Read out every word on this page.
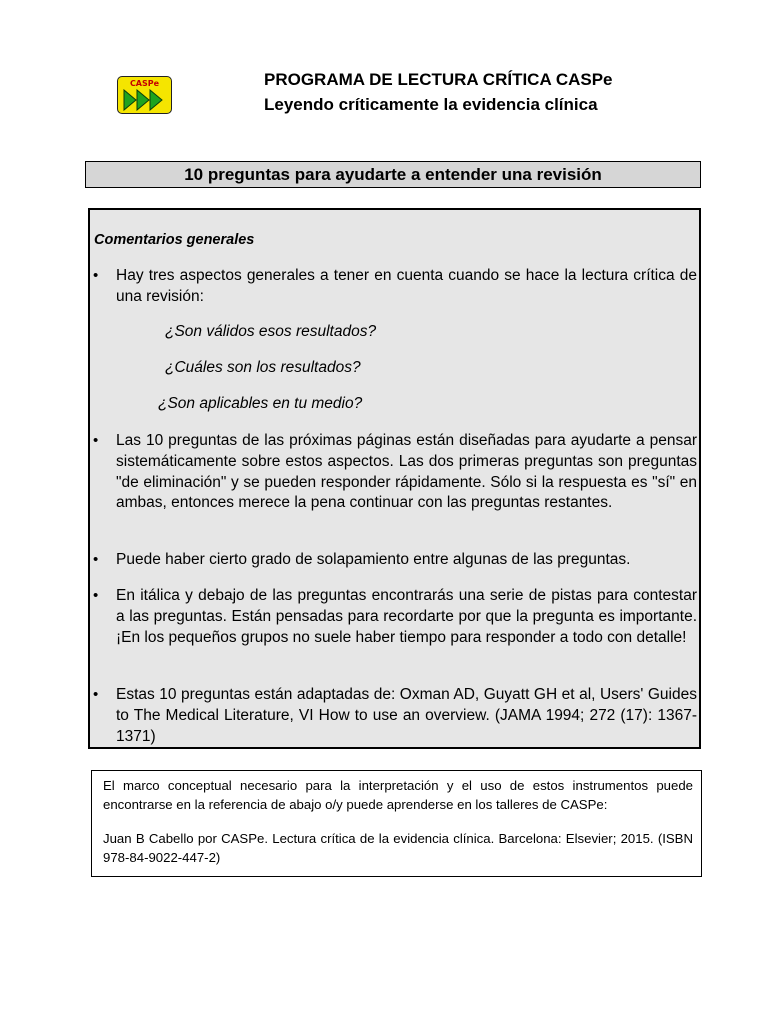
CASPe	PROGRAMA DE LECTURA CRÍTICA CASPe
Leyendo críticamente la evidencia clínica
10 preguntas para ayudarte a entender una revisión
Comentarios generales
• Hay tres aspectos generales a tener en cuenta cuando se hace la lectura crítica de una revisión:
¿Son válidos esos resultados?
¿Cuáles son los resultados?
¿Son aplicables en tu medio?
• Las 10 preguntas de las próximas páginas están diseñadas para ayudarte a pensar sistemáticamente sobre estos aspectos. Las dos primeras preguntas son preguntas "de eliminación" y se pueden responder rápidamente. Sólo si la respuesta es "sí" en ambas, entonces merece la pena continuar con las preguntas restantes.
• Puede haber cierto grado de solapamiento entre algunas de las preguntas.
• En itálica y debajo de las preguntas encontrarás una serie de pistas para contestar a las preguntas. Están pensadas para recordarte por que la pregunta es importante. ¡En los pequeños grupos no suele haber tiempo para responder a todo con detalle!
• Estas 10 preguntas están adaptadas de: Oxman AD, Guyatt GH et al, Users' Guides to The Medical Literature, VI How to use an overview. (JAMA 1994; 272 (17): 1367-1371)
El marco conceptual necesario para la interpretación y el uso de estos instrumentos puede encontrarse en la referencia de abajo o/y puede aprenderse en los talleres de CASPe:
Juan B Cabello por CASPe. Lectura crítica de la evidencia clínica. Barcelona: Elsevier; 2015. (ISBN 978-84-9022-447-2)
